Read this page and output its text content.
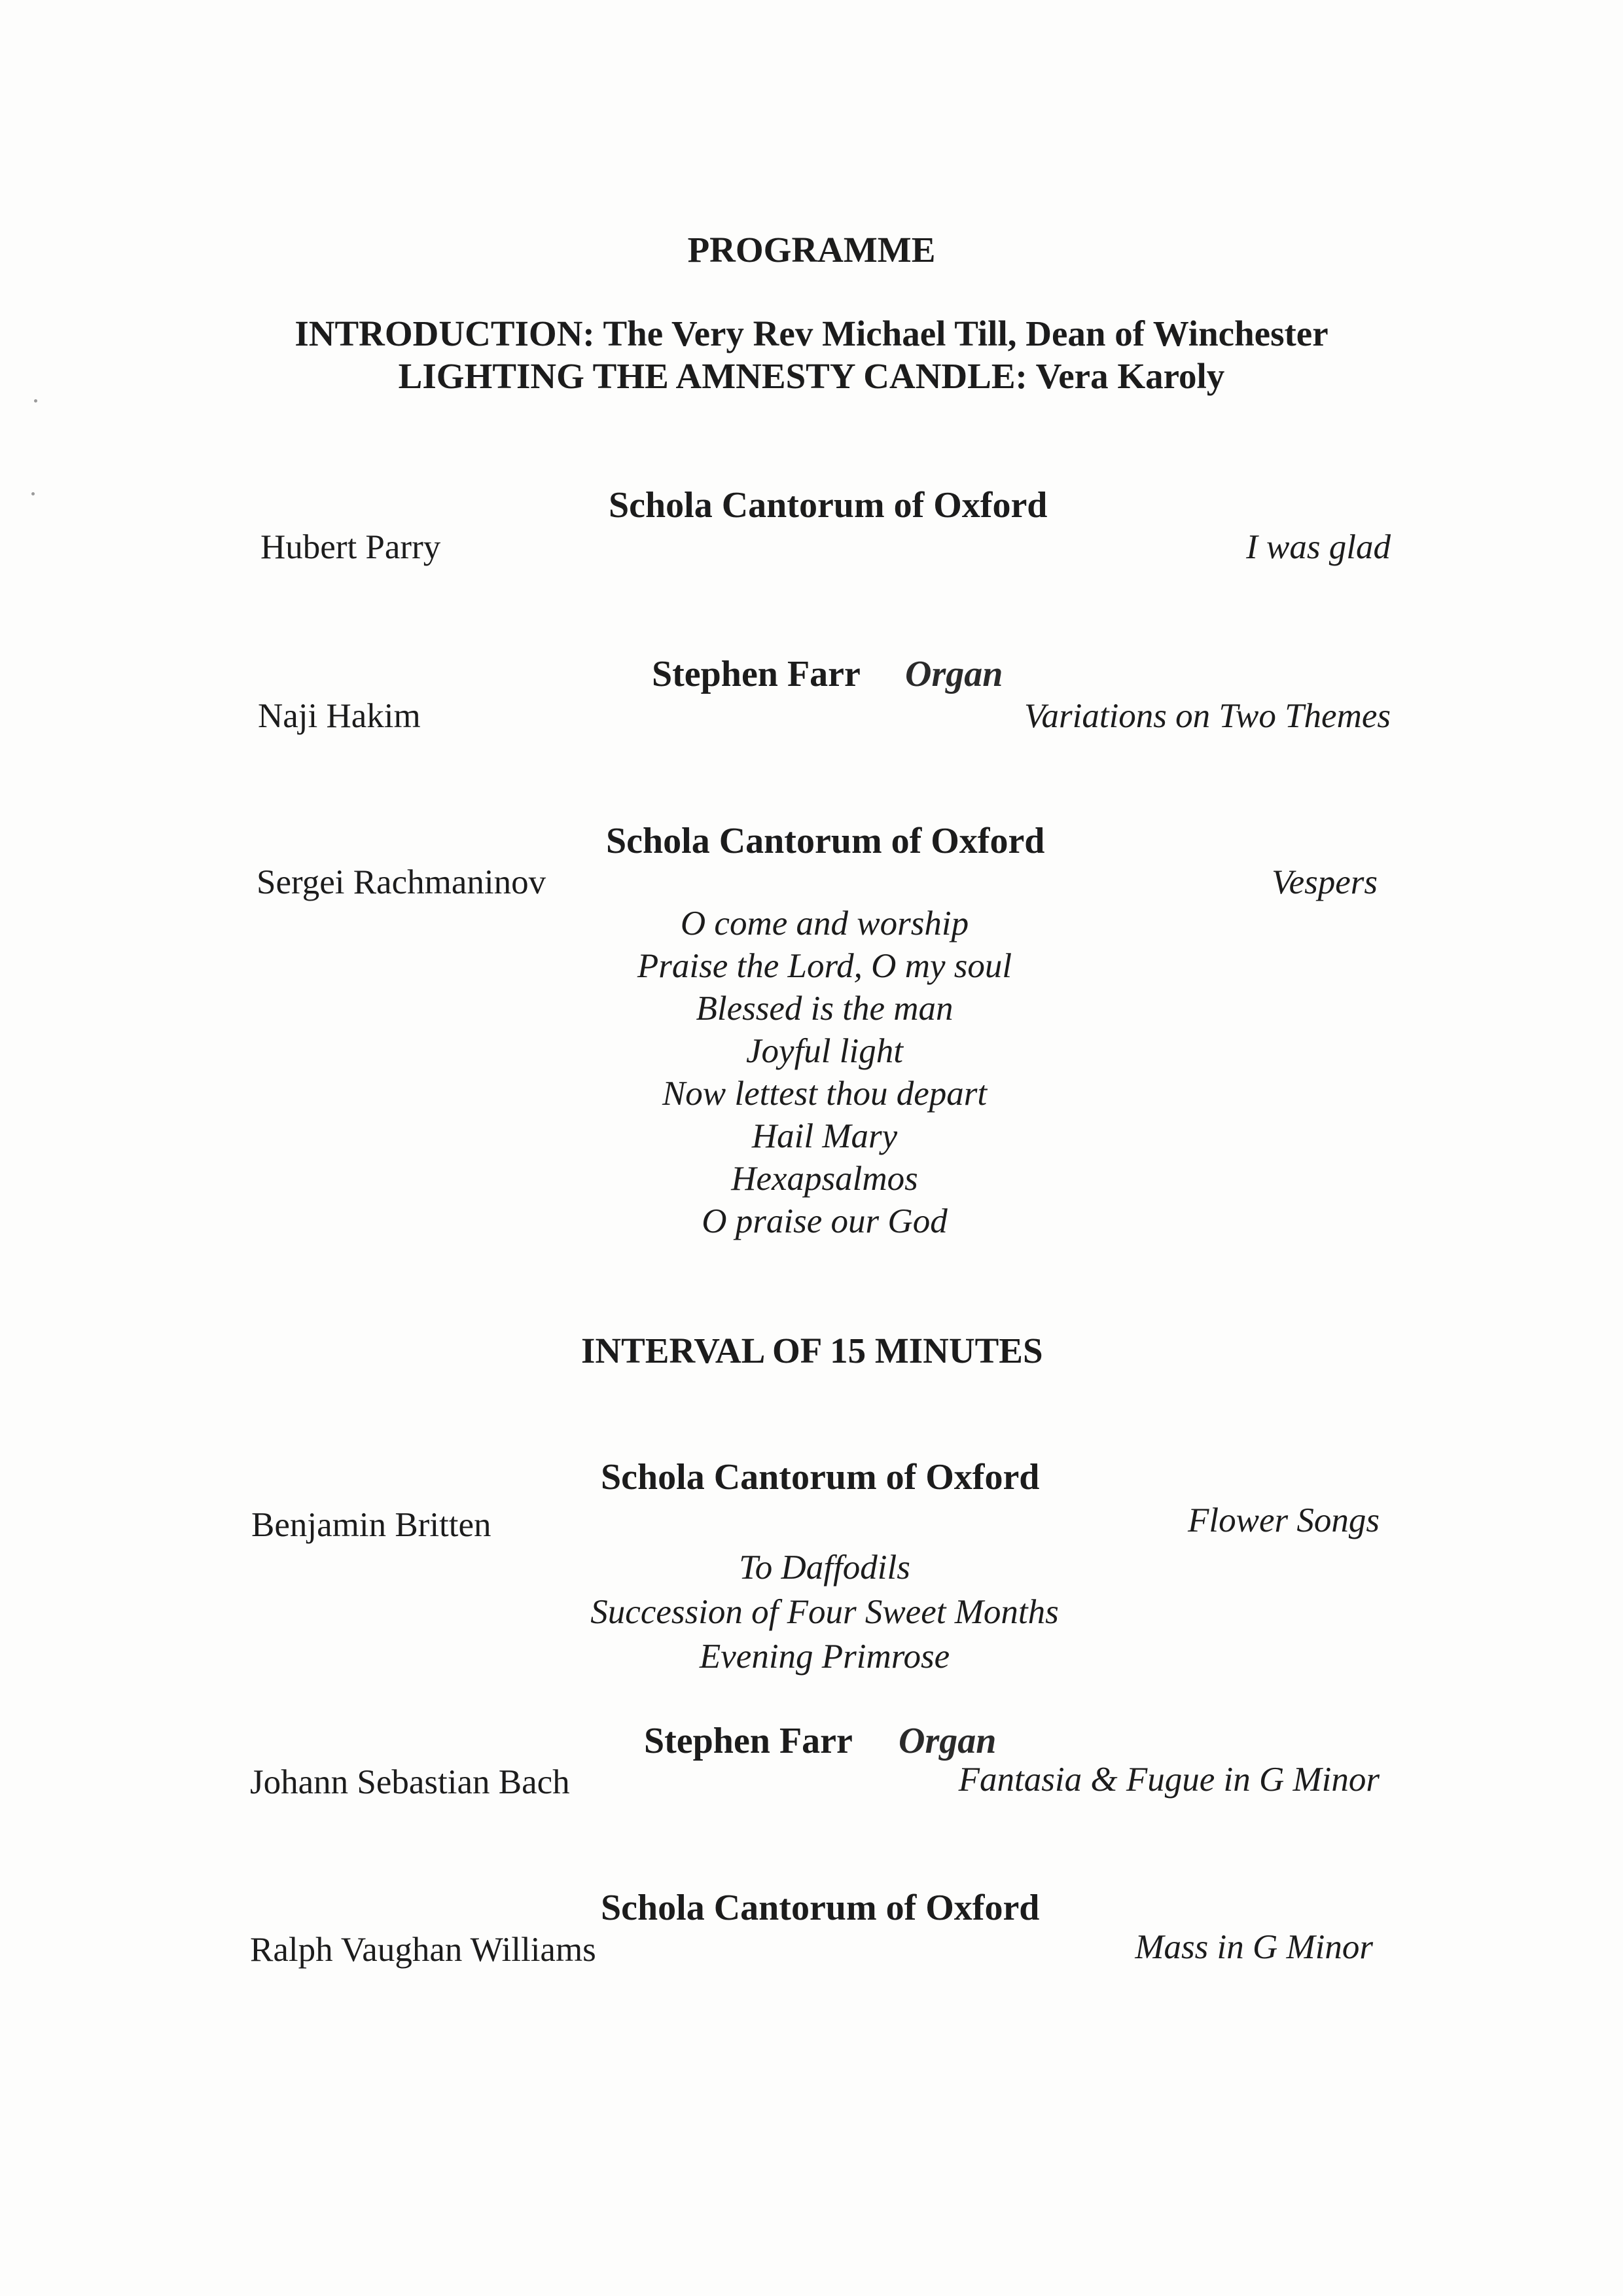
PROGRAMME
INTRODUCTION: The Very Rev Michael Till, Dean of Winchester
LIGHTING THE AMNESTY CANDLE: Vera Karoly
Schola Cantorum of Oxford
Hubert Parry	I was glad
Stephen Farr Organ
Naji Hakim	Variations on Two Themes
Schola Cantorum of Oxford
Sergei Rachmaninov	Vespers
O come and worship
Praise the Lord, O my soul
Blessed is the man
Joyful light
Now lettest thou depart
Hail Mary
Hexapsalmos
O praise our God
INTERVAL OF 15 MINUTES
Schola Cantorum of Oxford
Benjamin Britten	Flower Songs
To Daffodils
Succession of Four Sweet Months
Evening Primrose
Stephen Farr Organ
Johann Sebastian Bach	Fantasia & Fugue in G Minor
Schola Cantorum of Oxford
Ralph Vaughan Williams	Mass in G Minor
